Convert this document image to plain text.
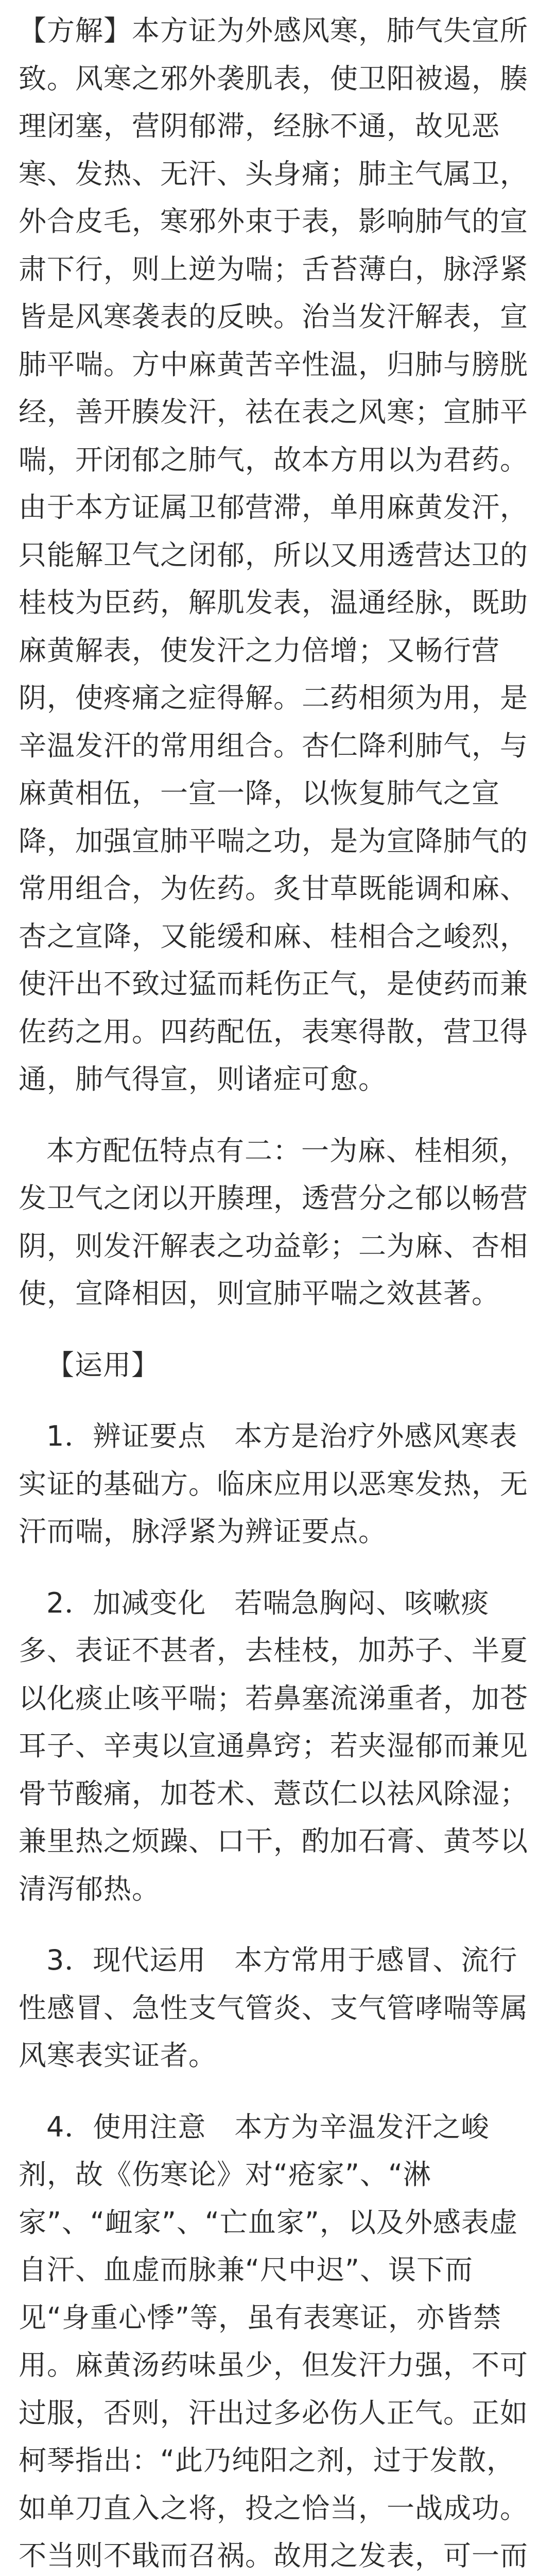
【方解】本方证为外感风寒，肺气失宣所致。风寒之邪外袭肌表，使卫阳被遏，腠理闭塞，营阴郁滞，经脉不通，故见恶寒、发热、无汗、头身痛；肺主气属卫，外合皮毛，寒邪外束于表，影响肺气的宣肃下行，则上逆为喘；舌苔薄白，脉浮紧皆是风寒袭表的反映。治当发汗解表，宣肺平喘。方中麻黄苦辛性温，归肺与膀胱经，善开腠发汗，祛在表之风寒；宣肺平喘，开闭郁之肺气，故本方用以为君药。由于本方证属卫郁营滞，单用麻黄发汗，只能解卫气之闭郁，所以又用透营达卫的桂枝为臣药，解肌发表，温通经脉，既助麻黄解表，使发汗之力倍增；又畅行营阴，使疼痛之症得解。二药相须为用，是辛温发汗的常用组合。杏仁降利肺气，与麻黄相伍，一宣一降，以恢复肺气之宣降，加强宣肺平喘之功，是为宣降肺气的常用组合，为佐药。炙甘草既能调和麻、杏之宣降，又能缓和麻、桂相合之峻烈，使汗出不致过猛而耗伤正气，是使药而兼佐药之用。四药配伍，表寒得散，营卫得通，肺气得宣，则诸症可愈。

本方配伍特点有二：一为麻、桂相须，发卫气之闭以开腠理，透营分之郁以畅营阴，则发汗解表之功益彰；二为麻、杏相使，宣降相因，则宣肺平喘之效甚著。

【运用】

1．辨证要点　本方是治疗外感风寒表实证的基础方。临床应用以恶寒发热，无汗而喘，脉浮紧为辨证要点。

2．加减变化　若喘急胸闷、咳嗽痰多、表证不甚者，去桂枝，加苏子、半夏以化痰止咳平喘；若鼻塞流涕重者，加苍耳子、辛夷以宣通鼻窍；若夹湿郁而兼见骨节酸痛，加苍术、薏苡仁以祛风除湿；兼里热之烦躁、口干，酌加石膏、黄芩以清泻郁热。

3．现代运用　本方常用于感冒、流行性感冒、急性支气管炎、支气管哮喘等属风寒表实证者。

4．使用注意　本方为辛温发汗之峻剂，故《伤寒论》对“疮家”、“淋家”、“衄家”、“亡血家”，以及外感表虚自汗、血虚而脉兼“尺中迟”、误下而见“身重心悸”等，虽有表寒证，亦皆禁用。麻黄汤药味虽少，但发汗力强，不可过服，否则，汗出过多必伤人正气。正如柯琴指出：“此乃纯阳之剂，过于发散，如单刀直入之将，投之恰当，一战成功。不当则不戢而召祸。故用之发表，可一而
